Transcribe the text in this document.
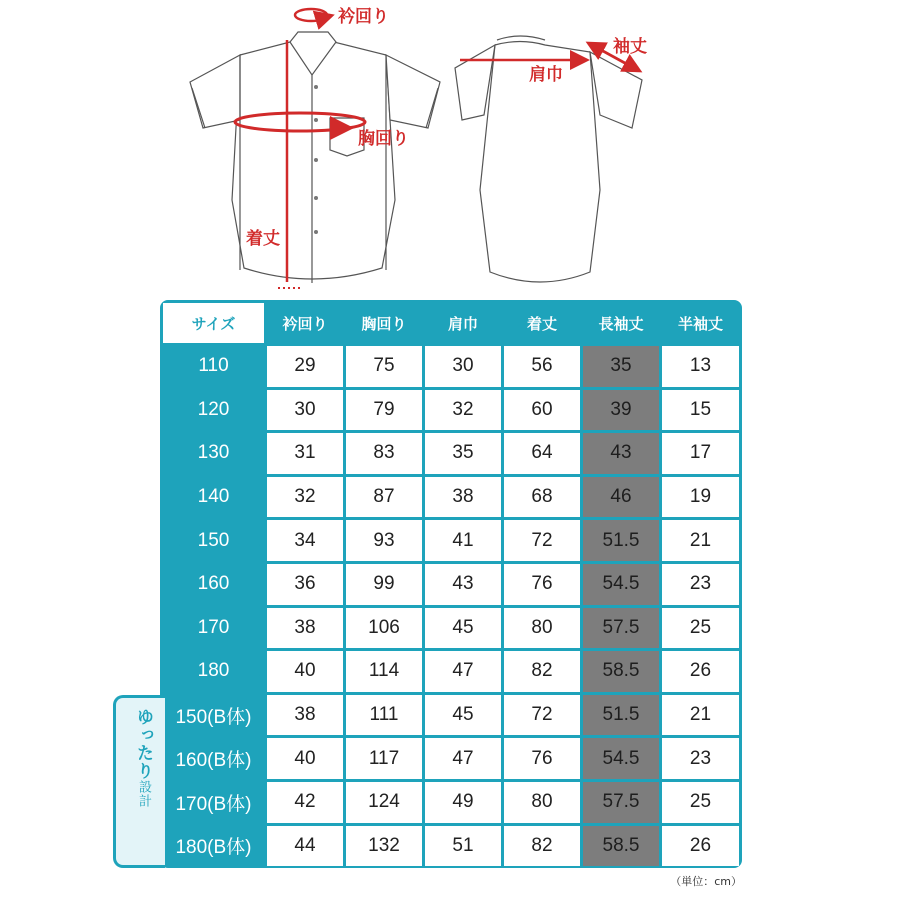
衿回り
胸回り
着丈
肩巾
袖丈
サイズ	衿回り	胸回り	肩巾	着丈	長袖丈	半袖丈
110	29	75	30	56	35	13
120	30	79	32	60	39	15
130	31	83	35	64	43	17
140	32	87	38	68	46	19
150	34	93	41	72	51.5	21
160	36	99	43	76	54.5	23
170	38	106	45	80	57.5	25
180	40	114	47	82	58.5	26
150(B体)	38	111	45	72	51.5	21
160(B体)	40	117	47	76	54.5	23
170(B体)	42	124	49	80	57.5	25
180(B体)	44	132	51	82	58.5	26
ゆったり設計
（単位：cm）
